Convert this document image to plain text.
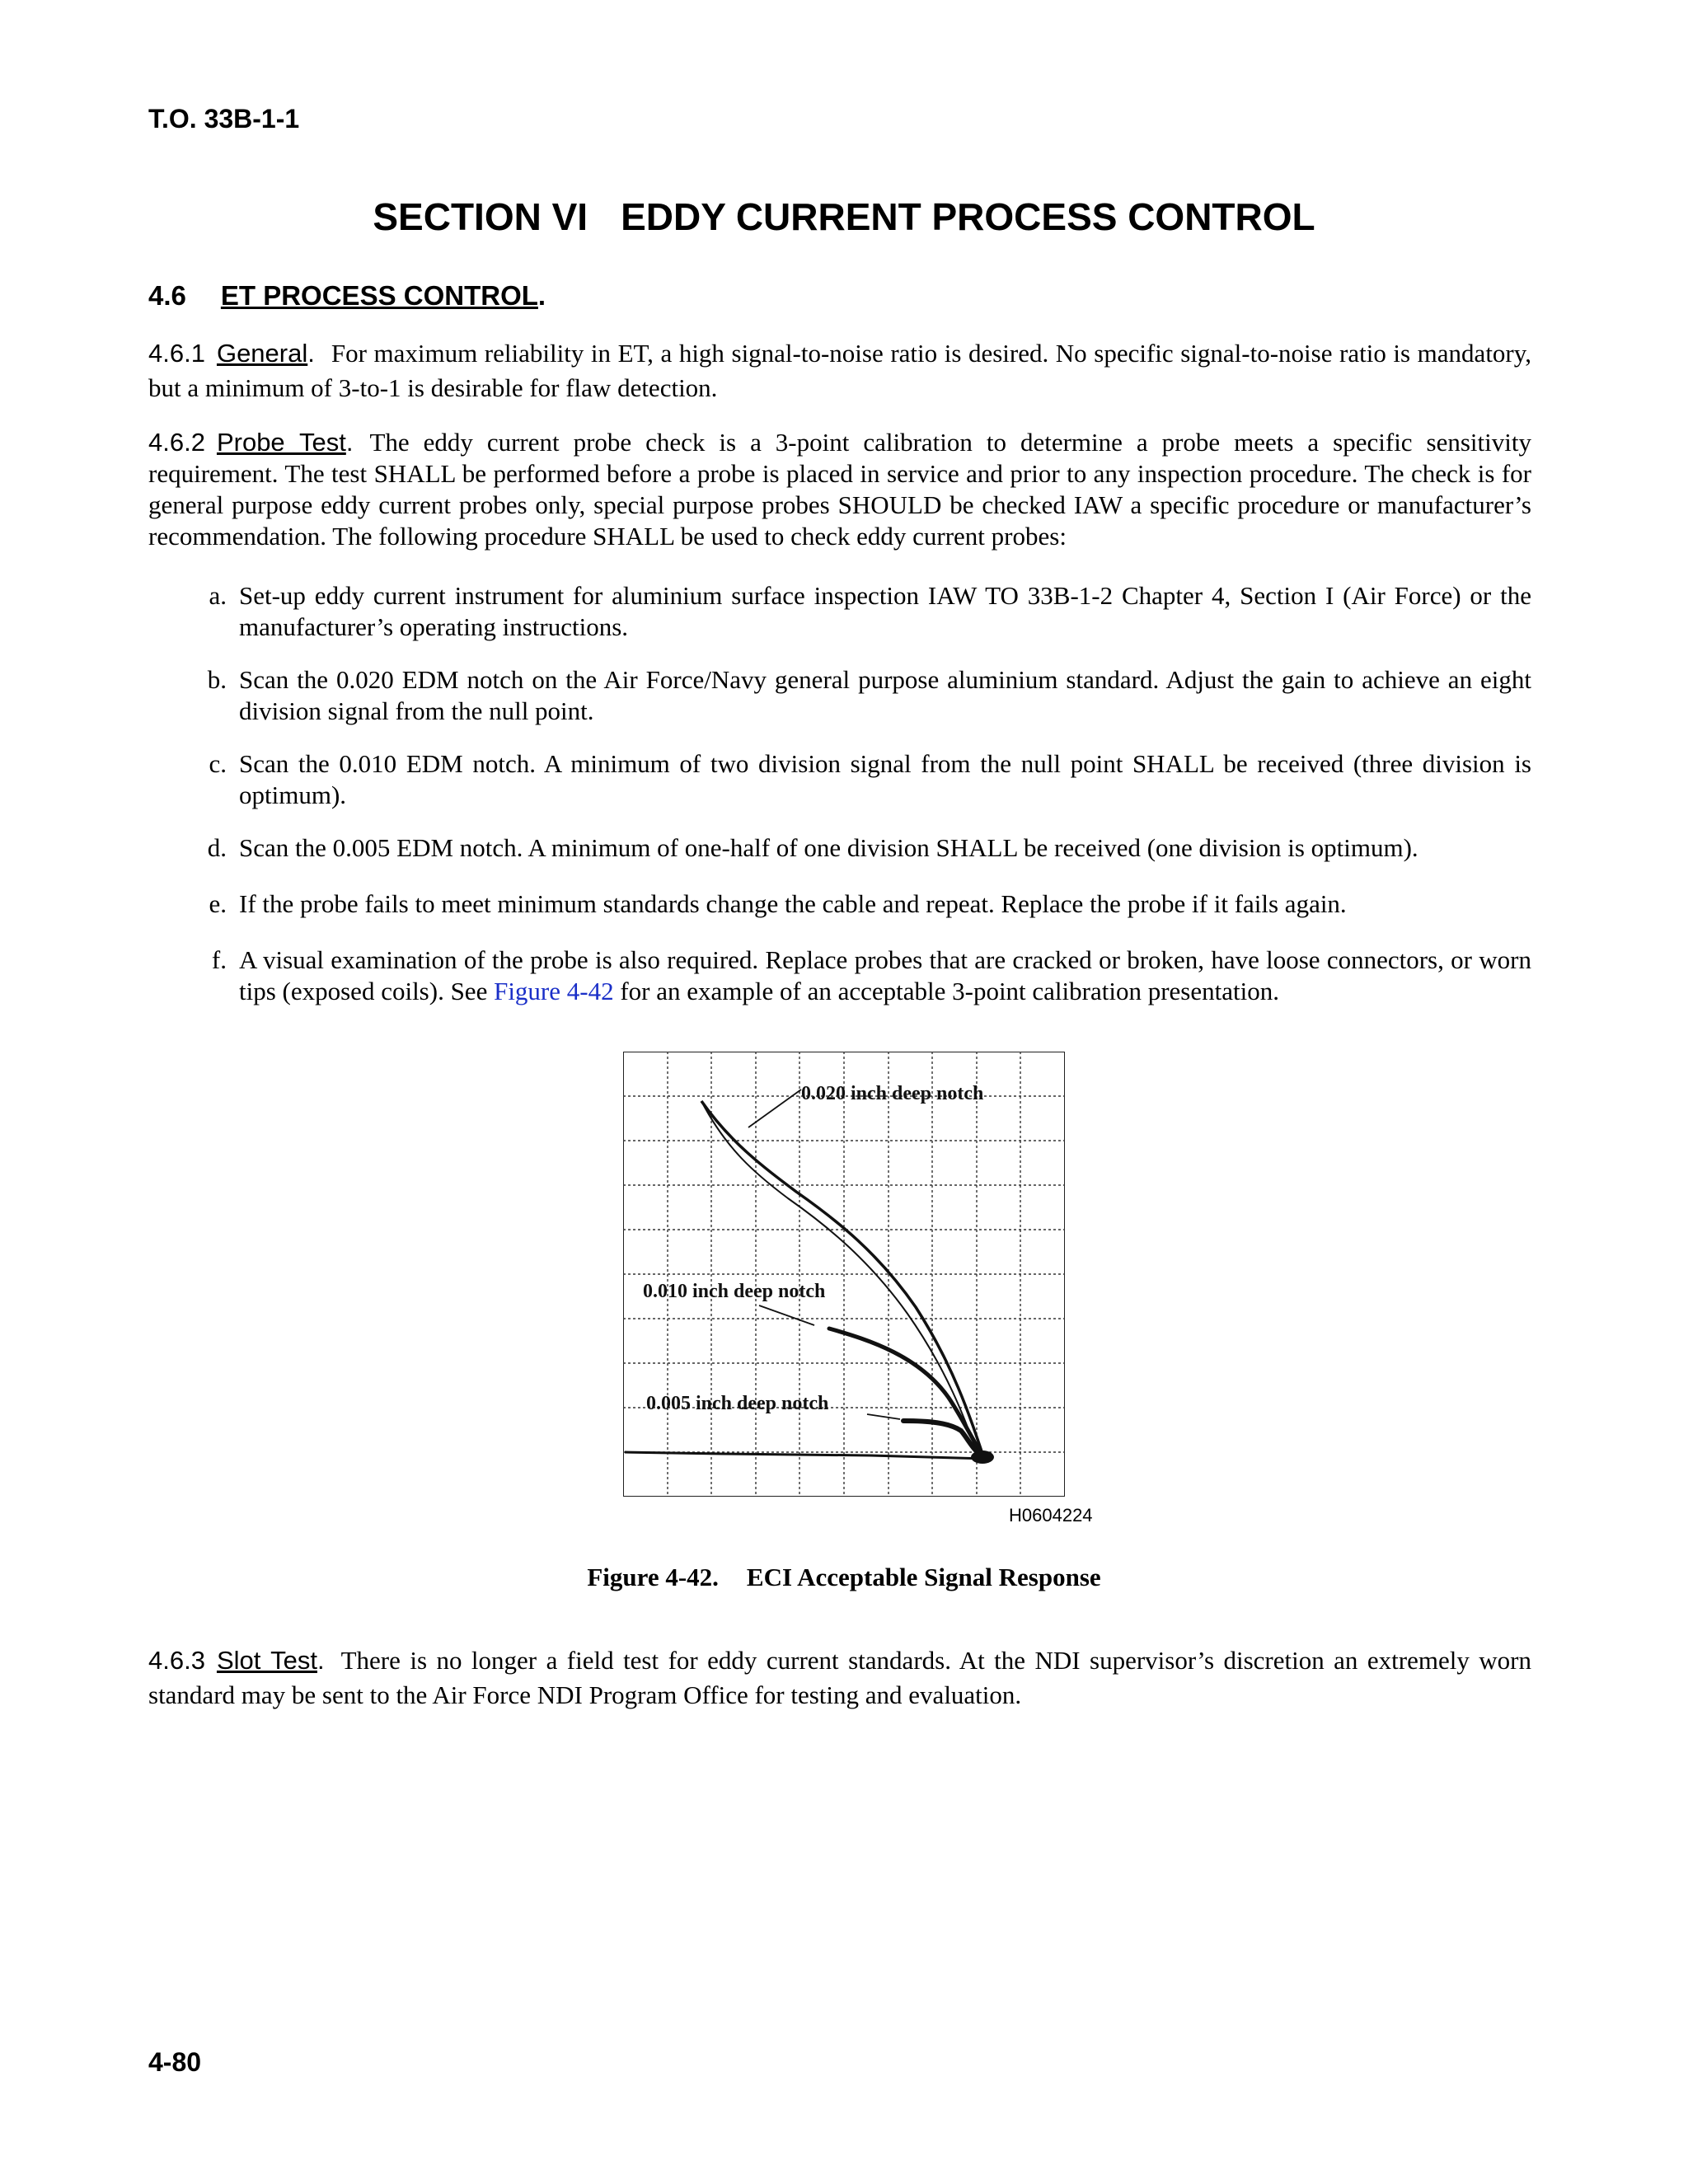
T.O. 33B-1-1
SECTION VI EDDY CURRENT PROCESS CONTROL
4.6 ET PROCESS CONTROL.
4.6.1 General. For maximum reliability in ET, a high signal-to-noise ratio is desired. No specific signal-to-noise ratio is mandatory, but a minimum of 3-to-1 is desirable for flaw detection.
4.6.2 Probe Test. The eddy current probe check is a 3-point calibration to determine a probe meets a specific sensitivity requirement. The test SHALL be performed before a probe is placed in service and prior to any inspection procedure. The check is for general purpose eddy current probes only, special purpose probes SHOULD be checked IAW a specific procedure or manufacturer’s recommendation. The following procedure SHALL be used to check eddy current probes:
a. Set-up eddy current instrument for aluminium surface inspection IAW TO 33B-1-2 Chapter 4, Section I (Air Force) or the manufacturer’s operating instructions.
b. Scan the 0.020 EDM notch on the Air Force/Navy general purpose aluminium standard. Adjust the gain to achieve an eight division signal from the null point.
c. Scan the 0.010 EDM notch. A minimum of two division signal from the null point SHALL be received (three division is optimum).
d. Scan the 0.005 EDM notch. A minimum of one-half of one division SHALL be received (one division is optimum).
e. If the probe fails to meet minimum standards change the cable and repeat. Replace the probe if it fails again.
f. A visual examination of the probe is also required. Replace probes that are cracked or broken, have loose connectors, or worn tips (exposed coils). See Figure 4-42 for an example of an acceptable 3-point calibration presentation.
0.020 inch deep notch
0.010 inch deep notch
0.005 inch deep notch
H0604224
Figure 4-42. ECI Acceptable Signal Response
4.6.3 Slot Test. There is no longer a field test for eddy current standards. At the NDI supervisor’s discretion an extremely worn standard may be sent to the Air Force NDI Program Office for testing and evaluation.
4-80
